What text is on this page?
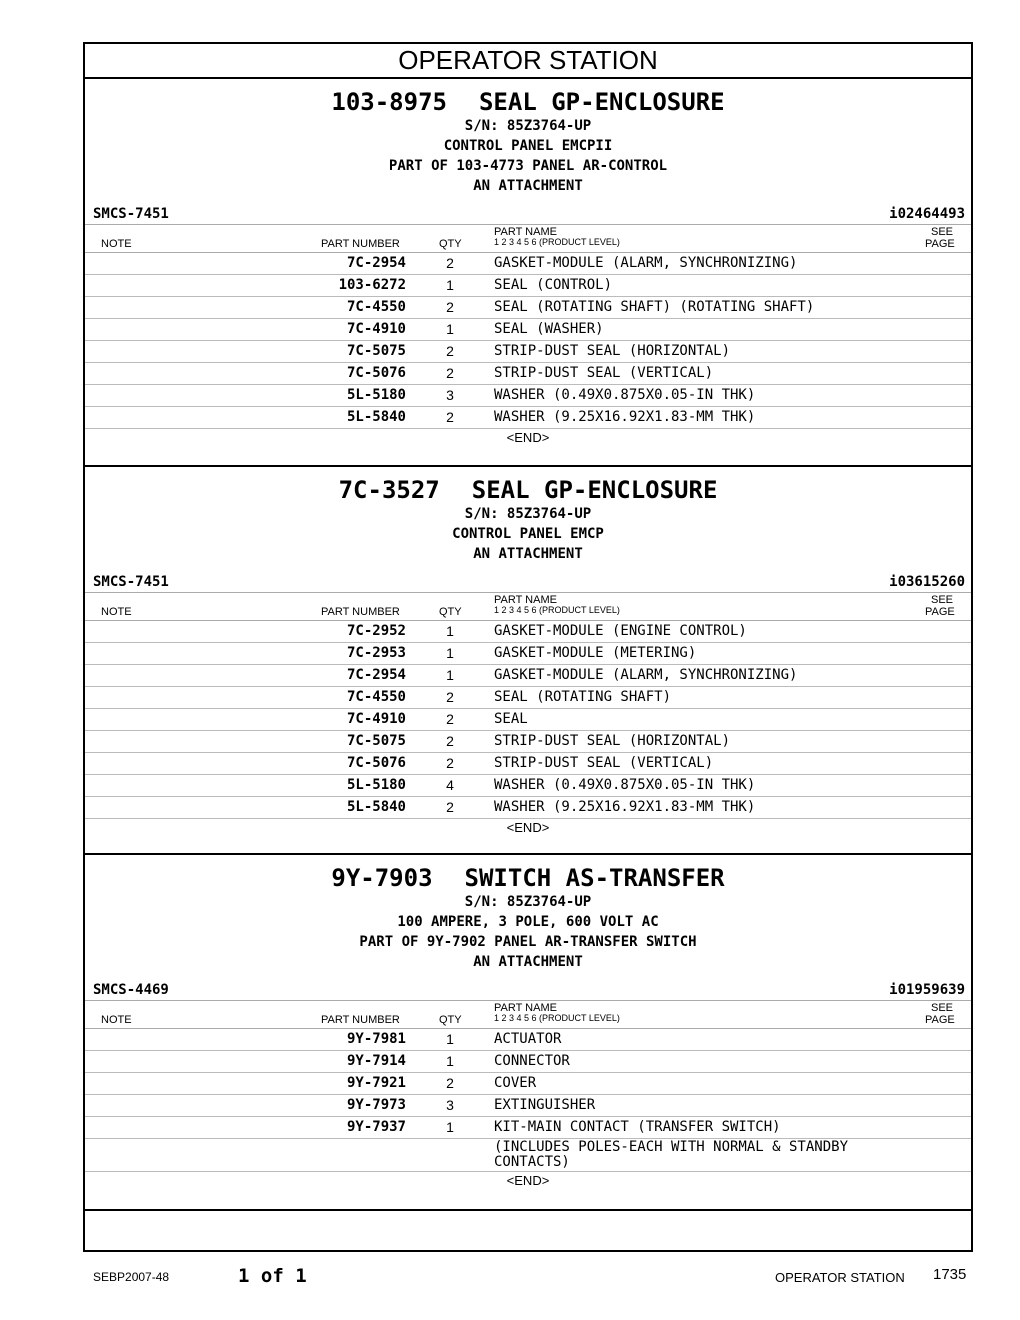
OPERATOR STATION
103-8975 SEAL GP-ENCLOSURE
S/N: 85Z3764-UP
CONTROL PANEL EMCPII
PART OF 103-4773 PANEL AR-CONTROL
AN ATTACHMENT
SMCS-7451	i02464493
NOTE	PART NUMBER	QTY
PART NAME
1 2 3 4 5 6 (PRODUCT LEVEL)
SEE
PAGE
7C-2954	2	GASKET-MODULE (ALARM, SYNCHRONIZING)
103-6272	1	SEAL (CONTROL)
7C-4550	2	SEAL (ROTATING SHAFT) (ROTATING SHAFT)
7C-4910	1	SEAL (WASHER)
7C-5075	2	STRIP-DUST SEAL (HORIZONTAL)
7C-5076	2	STRIP-DUST SEAL (VERTICAL)
5L-5180	3	WASHER (0.49X0.875X0.05-IN THK)
5L-5840	2	WASHER (9.25X16.92X1.83-MM THK)
<END>
7C-3527 SEAL GP-ENCLOSURE
S/N: 85Z3764-UP
CONTROL PANEL EMCP
AN ATTACHMENT
SMCS-7451	i03615260
NOTE	PART NUMBER	QTY
PART NAME
1 2 3 4 5 6 (PRODUCT LEVEL)
SEE
PAGE
7C-2952	1	GASKET-MODULE (ENGINE CONTROL)
7C-2953	1	GASKET-MODULE (METERING)
7C-2954	1	GASKET-MODULE (ALARM, SYNCHRONIZING)
7C-4550	2	SEAL (ROTATING SHAFT)
7C-4910	2	SEAL
7C-5075	2	STRIP-DUST SEAL (HORIZONTAL)
7C-5076	2	STRIP-DUST SEAL (VERTICAL)
5L-5180	4	WASHER (0.49X0.875X0.05-IN THK)
5L-5840	2	WASHER (9.25X16.92X1.83-MM THK)
<END>
9Y-7903 SWITCH AS-TRANSFER
S/N: 85Z3764-UP
100 AMPERE, 3 POLE, 600 VOLT AC
PART OF 9Y-7902 PANEL AR-TRANSFER SWITCH
AN ATTACHMENT
SMCS-4469	i01959639
NOTE	PART NUMBER	QTY
PART NAME
1 2 3 4 5 6 (PRODUCT LEVEL)
SEE
PAGE
9Y-7981	1	ACTUATOR
9Y-7914	1	CONNECTOR
9Y-7921	2	COVER
9Y-7973	3	EXTINGUISHER
9Y-7937	1	KIT-MAIN CONTACT (TRANSFER SWITCH)
(INCLUDES POLES-EACH WITH NORMAL & STANDBY CONTACTS)
<END>
SEBP2007-48	1 of 1	OPERATOR STATION 1735
